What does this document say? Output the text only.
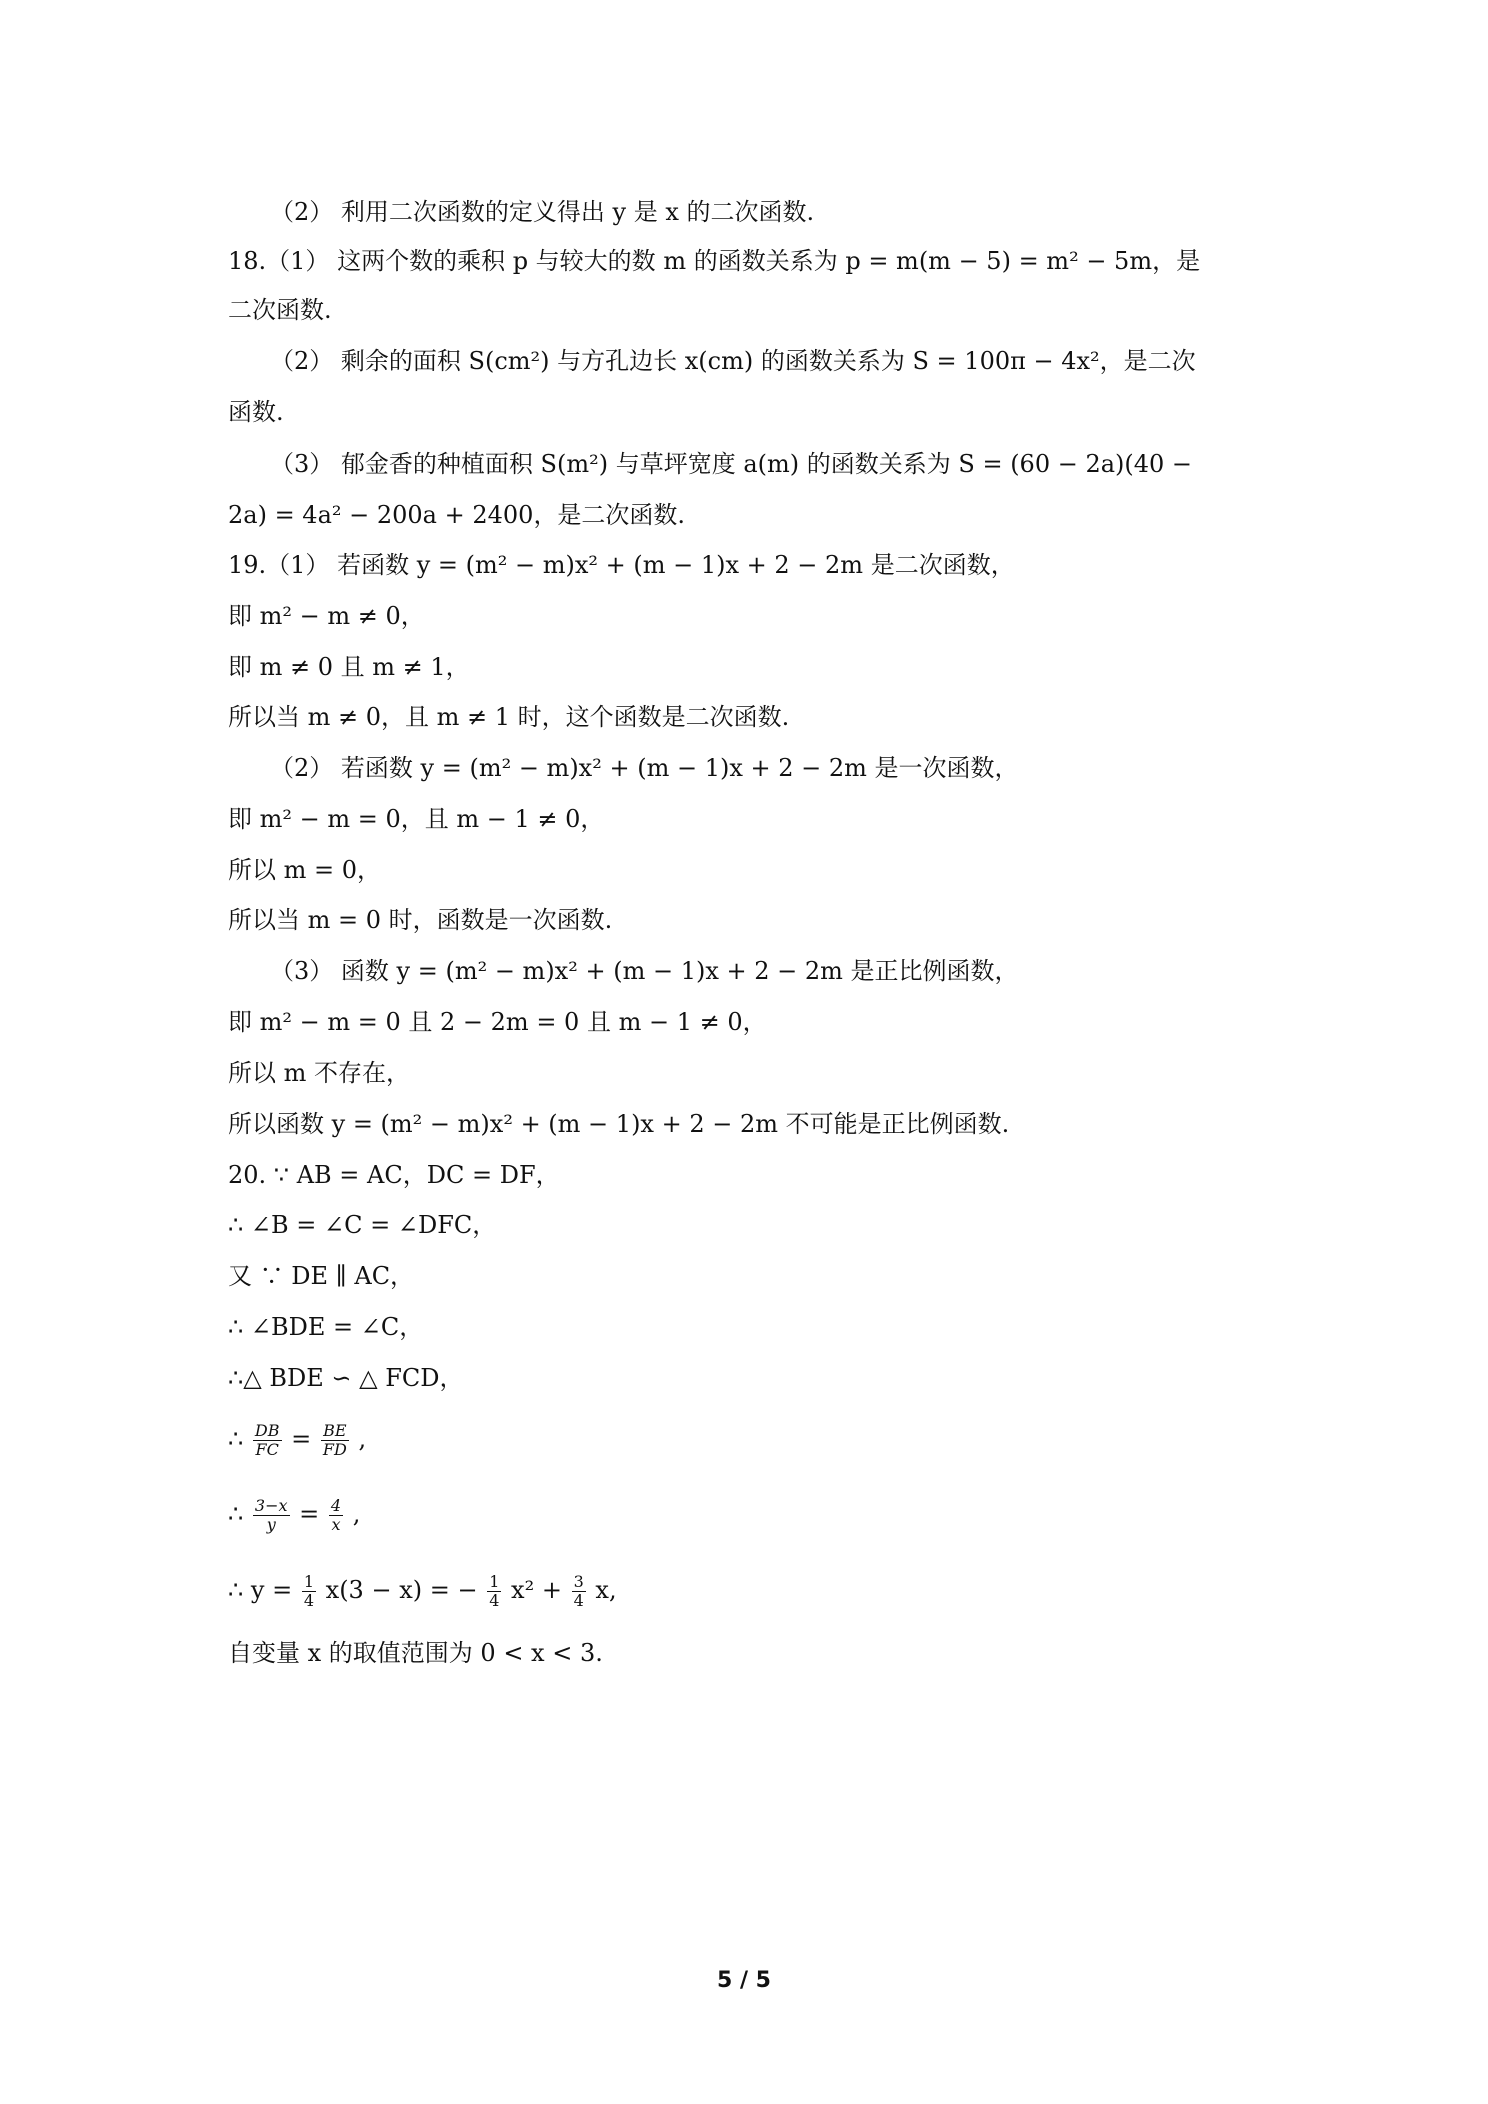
（2） 利用二次函数的定义得出 y 是 x 的二次函数.
18.（1） 这两个数的乘积 p 与较大的数 m 的函数关系为 p = m(m − 5) = m² − 5m，是
二次函数.
（2） 剩余的面积 S(cm²) 与方孔边长 x(cm) 的函数关系为 S = 100π − 4x²，是二次
函数.
（3） 郁金香的种植面积 S(m²) 与草坪宽度 a(m) 的函数关系为 S = (60 − 2a)(40 −
2a) = 4a² − 200a + 2400，是二次函数.
19.（1） 若函数 y = (m² − m)x² + (m − 1)x + 2 − 2m 是二次函数，
即 m² − m ≠ 0，
即 m ≠ 0 且 m ≠ 1，
所以当 m ≠ 0，且 m ≠ 1 时，这个函数是二次函数.
（2） 若函数 y = (m² − m)x² + (m − 1)x + 2 − 2m 是一次函数，
即 m² − m = 0，且 m − 1 ≠ 0，
所以 m = 0，
所以当 m = 0 时，函数是一次函数.
（3） 函数 y = (m² − m)x² + (m − 1)x + 2 − 2m 是正比例函数，
即 m² − m = 0 且 2 − 2m = 0 且 m − 1 ≠ 0，
所以 m 不存在，
所以函数 y = (m² − m)x² + (m − 1)x + 2 − 2m 不可能是正比例函数.
20. ∵ AB = AC，DC = DF，
∴ ∠B = ∠C = ∠DFC，
又 ∵ DE ∥ AC，
∴ ∠BDE = ∠C，
∴△ BDE ∽ △ FCD，
∴ $\frac{DB}{FC} = \frac{BE}{FD}$ ,
∴ $\frac{3-x}{y} = \frac{4}{x}$ ,
∴ $y = \frac{1}{4} x(3 - x)$ = − $\frac{1}{4} x^2 + \frac{3}{4} x$,
自变量 x 的取值范围为 0 < x < 3.
5 / 5
